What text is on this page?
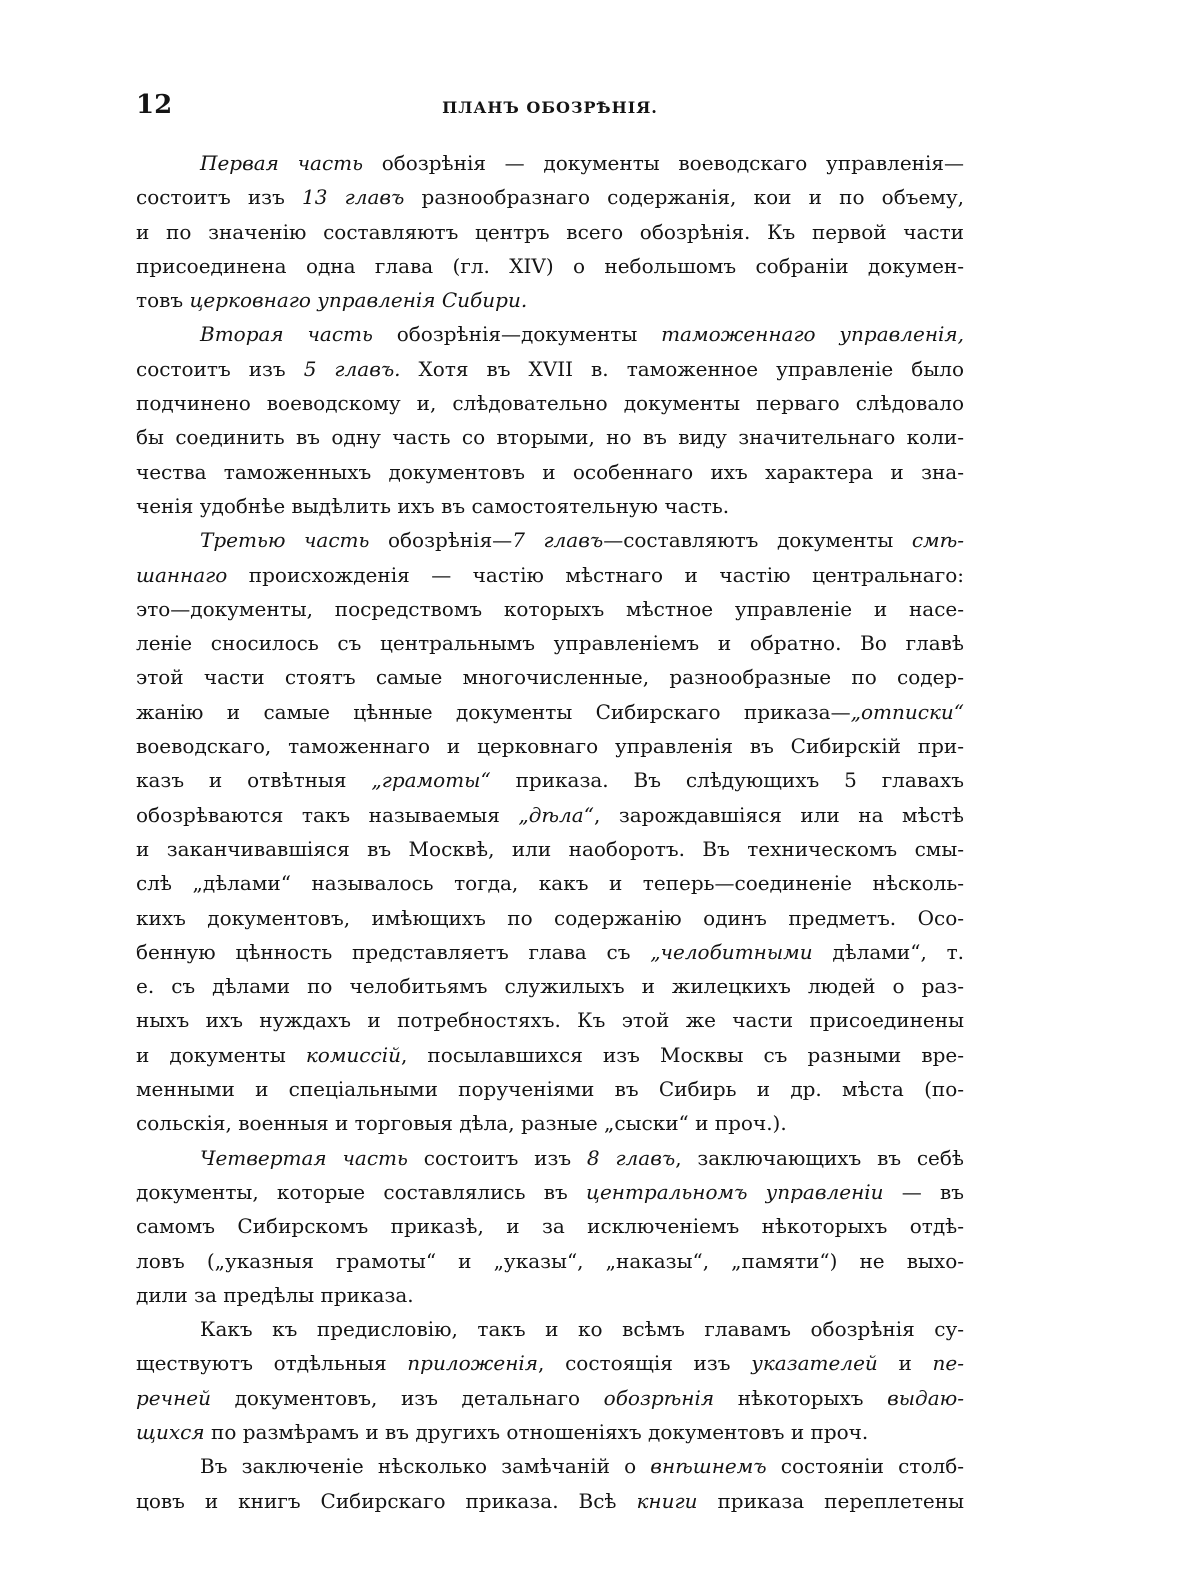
12	ПЛАНЪ ОБОЗРѢНІЯ.
Первая часть обозрѣнія — документы воеводскаго управленія—
состоитъ изъ 13 главъ разнообразнаго содержанія, кои и по объему,
и по значенію составляютъ центръ всего обозрѣнія. Къ первой части
присоединена одна глава (гл. XIV) о небольшомъ собраніи докумен-
товъ церковнаго управленія Сибири.
Вторая часть обозрѣнія—документы таможеннаго управленія,
состоитъ изъ 5 главъ. Хотя въ XVII в. таможенное управленіе было
подчинено воеводскому и, слѣдовательно документы перваго слѣдовало
бы соединить въ одну часть со вторыми, но въ виду значительнаго коли-
чества таможенныхъ документовъ и особеннаго ихъ характера и зна-
ченія удобнѣе выдѣлить ихъ въ самостоятельную часть.
Третью часть обозрѣнія—7 главъ—составляютъ документы смѣ-
шаннаго происхожденія — частію мѣстнаго и частію центральнаго:
это—документы, посредствомъ которыхъ мѣстное управленіе и насе-
леніе сносилось съ центральнымъ управленіемъ и обратно. Во главѣ
этой части стоятъ самые многочисленные, разнообразные по содер-
жанію и самые цѣнные документы Сибирскаго приказа—„отписки“
воеводскаго, таможеннаго и церковнаго управленія въ Сибирскій при-
казъ и отвѣтныя „грамоты“ приказа. Въ слѣдующихъ 5 главахъ
обозрѣваются такъ называемыя „дѣла“, зарождавшіяся или на мѣстѣ
и заканчивавшіяся въ Москвѣ, или наоборотъ. Въ техническомъ смы-
слѣ „дѣлами“ называлось тогда, какъ и теперь—соединеніе нѣсколь-
кихъ документовъ, имѣющихъ по содержанію одинъ предметъ. Осо-
бенную цѣнность представляетъ глава съ „челобитными дѣлами“, т.
е. съ дѣлами по челобитьямъ служилыхъ и жилецкихъ людей о раз-
ныхъ ихъ нуждахъ и потребностяхъ. Къ этой же части присоединены
и документы комиссій, посылавшихся изъ Москвы съ разными вре-
менными и спеціальными порученіями въ Сибирь и др. мѣста (по-
сольскія, военныя и торговыя дѣла, разные „сыски“ и проч.).
Четвертая часть состоитъ изъ 8 главъ, заключающихъ въ себѣ
документы, которые составлялись въ центральномъ управленіи — въ
самомъ Сибирскомъ приказѣ, и за исключеніемъ нѣкоторыхъ отдѣ-
ловъ („указныя грамоты“ и „указы“, „наказы“, „памяти“) не выхо-
дили за предѣлы приказа.
Какъ къ предисловію, такъ и ко всѣмъ главамъ обозрѣнія су-
ществуютъ отдѣльныя приложенія, состоящія изъ указателей и пе-
речней документовъ, изъ детальнаго обозрѣнія нѣкоторыхъ выдаю-
щихся по размѣрамъ и въ другихъ отношеніяхъ документовъ и проч.
Въ заключеніе нѣсколько замѣчаній о внѣшнемъ состояніи столб-
цовъ и книгъ Сибирскаго приказа. Всѣ книги приказа переплетены
